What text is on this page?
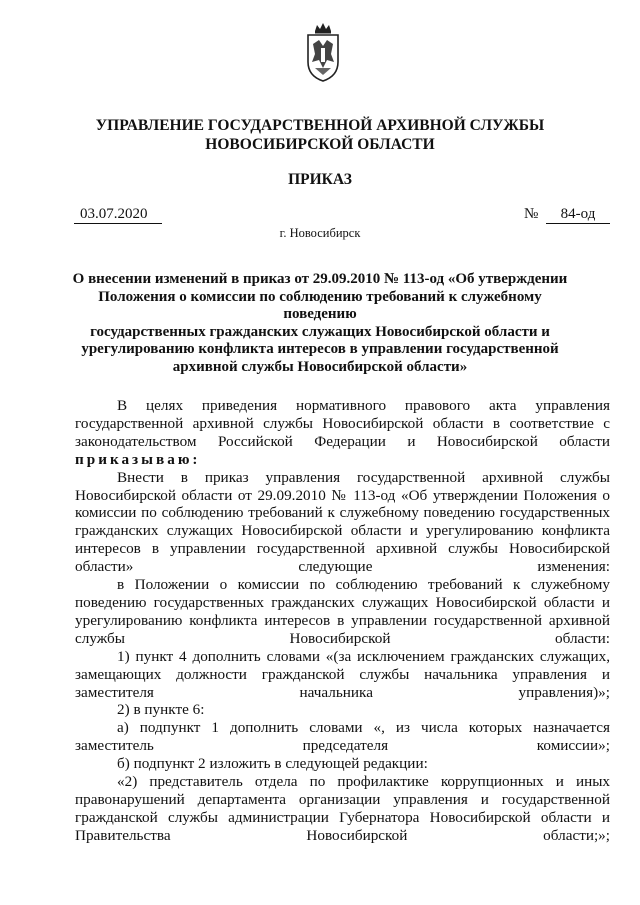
УПРАВЛЕНИЕ ГОСУДАРСТВЕННОЙ АРХИВНОЙ СЛУЖБЫ
НОВОСИБИРСКОЙ ОБЛАСТИ
ПРИКАЗ
03.07.2020	№	84-од
г. Новосибирск
О внесении изменений в приказ от 29.09.2010 № 113-од «Об утверждении
Положения о комиссии по соблюдению требований к служебному поведению
государственных гражданских служащих Новосибирской области и
урегулированию конфликта интересов в управлении государственной
архивной службы Новосибирской области»

В целях приведения нормативного правового акта управления государственной архивной службы Новосибирской области в соответствие с законодательством Российской Федерации и Новосибирской области

приказываю:

Внести в приказ управления государственной архивной службы Новосибирской области от 29.09.2010 № 113-од «Об утверждении Положения о комиссии по соблюдению требований к служебному поведению государственных гражданских служащих Новосибирской области и урегулированию конфликта интересов в управлении государственной архивной службы Новосибирской области» следующие изменения:

в Положении о комиссии по соблюдению требований к служебному поведению государственных гражданских служащих Новосибирской области и урегулированию конфликта интересов в управлении государственной архивной службы Новосибирской области:

1) пункт 4 дополнить словами «(за исключением гражданских служащих, замещающих должности гражданской службы начальника управления и заместителя начальника управления)»;

2) в пункте 6:

а) подпункт 1 дополнить словами «, из числа которых назначается заместитель председателя комиссии»;

б) подпункт 2 изложить в следующей редакции:

«2) представитель отдела по профилактике коррупционных и иных правонарушений департамента организации управления и государственной гражданской службы администрации Губернатора Новосибирской области и Правительства Новосибирской области;»;
